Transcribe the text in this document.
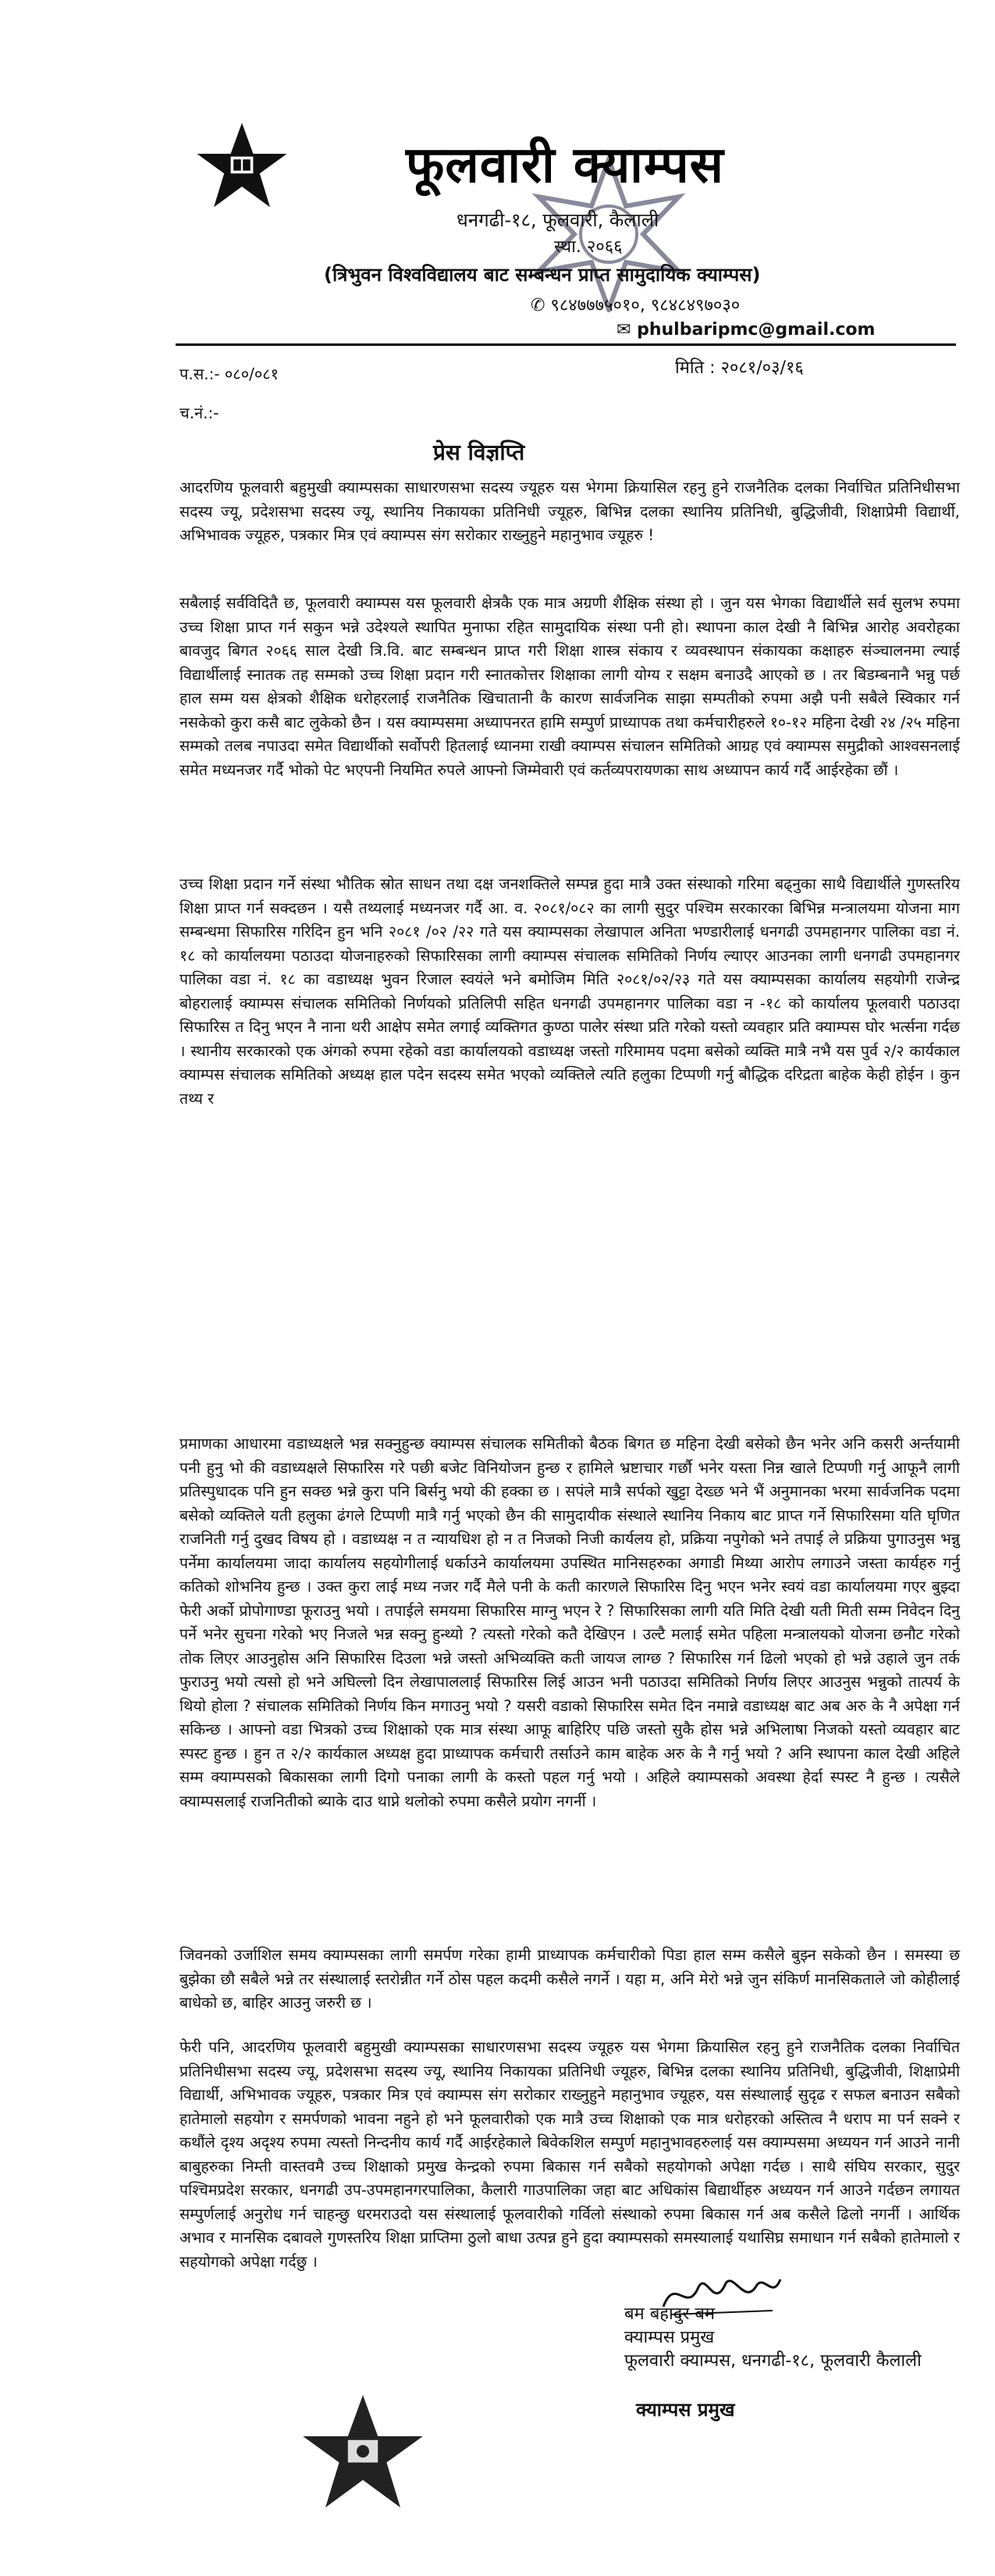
फूलवारी क्याम्पस
धनगढी-१८, फूलवारी, कैलाली
स्था. २०६६
(त्रिभुवन विश्वविद्यालय बाट सम्बन्धन प्राप्त सामुदायिक क्याम्पस)
✆ ९८४७७७५०१०, ९८४८४९७०३०
✉ phulbaripmc@gmail.com
प.स.:- ०८०/०८१	मिति : २०८१/०३/१६
च.नं.:-
प्रेस विज्ञप्ति
आदरणिय फूलवारी बहुमुखी क्याम्पसका साधारणसभा सदस्य ज्यूहरु यस भेगमा क्रियासिल रहनु हुने राजनैतिक दलका निर्वाचित प्रतिनिधीसभा सदस्य ज्यू, प्रदेशसभा सदस्य ज्यू, स्थानिय निकायका प्रतिनिधी ज्यूहरु, बिभिन्न दलका स्थानिय प्रतिनिधी, बुद्धिजीवी, शिक्षाप्रेमी विद्यार्थी, अभिभावक ज्यूहरु, पत्रकार मित्र एवं क्याम्पस संग सरोकार राख्नुहुने महानुभाव ज्यूहरु !
सबैलाई सर्वविदितै छ, फूलवारी क्याम्पस यस फूलवारी क्षेत्रकै एक मात्र अग्रणी शैक्षिक संस्था हो । जुन यस भेगका विद्यार्थीले सर्व सुलभ रुपमा उच्च शिक्षा प्राप्त गर्न सकुन भन्ने उदेश्यले स्थापित मुनाफा रहित सामुदायिक संस्था पनी हो। स्थापना काल देखी नै बिभिन्न आरोह अवरोहका बावजुद बिगत २०६६ साल देखी त्रि.वि. बाट सम्बन्धन प्राप्त गरी शिक्षा शास्त्र संकाय र व्यवस्थापन संकायका कक्षाहरु संञ्चालनमा ल्याई विद्यार्थीलाई स्नातक तह सम्मको उच्च शिक्षा प्रदान गरी स्नातकोत्तर शिक्षाका लागी योग्य र सक्षम बनाउदै आएको छ । तर बिडम्बनानै भन्नु पर्छ हाल सम्म यस क्षेत्रको शैक्षिक धरोहरलाई राजनैतिक खिचातानी कै कारण सार्वजनिक साझा सम्पतीको रुपमा अझै पनी सबैले स्विकार गर्न नसकेको कुरा कसै बाट लुकेको छैन । यस क्याम्पसमा अध्यापनरत हामि सम्पुर्ण प्राध्यापक तथा कर्मचारीहरुले १०-१२ महिना देखी २४ /२५ महिना सम्मको तलब नपाउदा समेत विद्यार्थीको सर्वोपरी हितलाई ध्यानमा राखी क्याम्पस संचालन समितिको आग्रह एवं क्याम्पस समुद्रीको आश्वसनलाई समेत मध्यनजर गर्दै भोको पेट भएपनी नियमित रुपले आफ्नो जिम्मेवारी एवं कर्तव्यपरायणका साथ अध्यापन कार्य गर्दै आईरहेका छौं ।
उच्च शिक्षा प्रदान गर्ने संस्था भौतिक स्रोत साधन तथा दक्ष जनशक्तिले सम्पन्न हुदा मात्रै उक्त संस्थाको गरिमा बढ्नुका साथै विद्यार्थीले गुणस्तरिय शिक्षा प्राप्त गर्न सक्दछन । यसै तथ्यलाई मध्यनजर गर्दै आ. व. २०८१/०८२ का लागी सुदुर पश्चिम सरकारका बिभिन्न मन्त्रालयमा योजना माग सम्बन्धमा सिफारिस गरिदिन हुन भनि २०८१ /०२ /२२ गते यस क्याम्पसका लेखापाल अनिता भण्डारीलाई धनगढी उपमहानगर पालिका वडा नं. १८ को कार्यालयमा पठाउदा योजनाहरुको सिफारिसका लागी क्याम्पस संचालक समितिको निर्णय ल्याएर आउनका लागी धनगढी उपमहानगर पालिका वडा नं. १८ का वडाध्यक्ष भुवन रिजाल स्वयंले भने बमोजिम मिति २०८१/०२/२३ गते यस क्याम्पसका कार्यालय सहयोगी राजेन्द्र बोहरालाई क्याम्पस संचालक समितिको निर्णयको प्रतिलिपी सहित धनगढी उपमहानगर पालिका वडा न -१८ को कार्यालय फूलवारी पठाउदा सिफारिस त दिनु भएन नै नाना थरी आक्षेप समेत लगाई व्यक्तिगत कुण्ठा पालेर संस्था प्रति गरेको यस्तो व्यवहार प्रति क्याम्पस घोर भर्त्सना गर्दछ । स्थानीय सरकारको एक अंगको रुपमा रहेको वडा कार्यालयको वडाध्यक्ष जस्तो गरिमामय पदमा बसेको व्यक्ति मात्रै नभै यस पुर्व २/२ कार्यकाल क्याम्पस संचालक समितिको अध्यक्ष हाल पदेन सदस्य समेत भएको व्यक्तिले त्यति हलुका टिप्पणी गर्नु बौद्धिक दरिद्रता बाहेक केही होईन । कुन तथ्य र
प्रमाणका आधारमा वडाध्यक्षले भन्न सक्नुहुन्छ क्याम्पस संचालक समितीको बैठक बिगत छ महिना देखी बसेको छैन भनेर अनि कसरी अर्न्तयामी पनी हुनु भो की वडाध्यक्षले सिफारिस गरे पछी बजेट विनियोजन हुन्छ र हामिले भ्रष्टाचार गर्छौ भनेर यस्ता निन्न खाले टिप्पणी गर्नु आफूनै लागी प्रतिस्पुधादक पनि हुन सक्छ भन्ने कुरा पनि बिर्सनु भयो की हक्का छ । सपंले मात्रै सर्पको खुट्टा देख्छ भने भैं अनुमानका भरमा सार्वजनिक पदमा बसेको व्यक्तिले यती हलुका ढंगले टिप्पणी मात्रै गर्नु भएको छैन की सामुदायीक संस्थाले स्थानिय निकाय बाट प्राप्त गर्ने सिफारिसमा यति घृणित राजनिती गर्नु दुखद विषय हो । वडाध्यक्ष न त न्यायधिश हो न त निजको निजी कार्यलय हो, प्रक्रिया नपुगेको भने तपाई ले प्रक्रिया पुगाउनुस भन्नु पर्नेमा कार्यालयमा जादा कार्यालय सहयोगीलाई धर्काउने कार्यालयमा उपस्थित मानिसहरुका अगाडी मिथ्या आरोप लगाउने जस्ता कार्यहरु गर्नु कतिको शोभनिय हुन्छ । उक्त कुरा लाई मध्य नजर गर्दै मैले पनी के कती कारणले सिफारिस दिनु भएन भनेर स्वयं वडा कार्यालयमा गएर बुझ्दा फेरी अर्को प्रोपोगाण्डा फूराउनु भयो । तपाईले समयमा सिफारिस माग्नु भएन रे ? सिफारिसका लागी यति मिति देखी यती मिती सम्म निवेदन दिनु पर्ने भनेर सुचना गरेको भए निजले भन्न सक्नु हुन्थ्यो ? त्यस्तो गरेको कतै देखिएन । उल्टै मलाई समेत पहिला मन्त्रालयको योजना छनौट गरेको तोक लिएर आउनुहोस अनि सिफारिस दिउला भन्ने जस्तो अभिव्यक्ति कती जायज लाग्छ ? सिफारिस गर्न ढिलो भएको हो भन्ने उहाले जुन तर्क फुराउनु भयो त्यसो हो भने अघिल्लो दिन लेखापाललाई सिफारिस लिई आउन भनी पठाउदा समितिको निर्णय लिएर आउनुस भन्नुको तात्पर्य के थियो होला ? संचालक समितिको निर्णय किन मगाउनु भयो ? यसरी वडाको सिफारिस समेत दिन नमान्ने वडाध्यक्ष बाट अब अरु के नै अपेक्षा गर्न सकिन्छ । आफ्नो वडा भित्रको उच्च शिक्षाको एक मात्र संस्था आफू बाहिरिए पछि जस्तो सुकै होस भन्ने अभिलाषा निजको यस्तो व्यवहार बाट स्पस्ट हुन्छ । हुन त २/२ कार्यकाल अध्यक्ष हुदा प्राध्यापक कर्मचारी तर्साउने काम बाहेक अरु के नै गर्नु भयो ? अनि स्थापना काल देखी अहिले सम्म क्याम्पसको बिकासका लागी दिगो पनाका लागी के कस्तो पहल गर्नु भयो । अहिले क्याम्पसको अवस्था हेर्दा स्पस्ट नै हुन्छ । त्यसैले क्याम्पसलाई राजनितीको ब्याके दाउ थाप्ने थलोको रुपमा कसैले प्रयोग नगर्नी ।
जिवनको उर्जाशिल समय क्याम्पसका लागी समर्पण गरेका हामी प्राध्यापक कर्मचारीको पिडा हाल सम्म कसैले बुझ्न सकेको छैन । समस्या छ बुझेका छौ सबैले भन्ने तर संस्थालाई स्तरोन्नीत गर्ने ठोस पहल कदमी कसैले नगर्ने । यहा म, अनि मेरो भन्ने जुन संकिर्ण मानसिकताले जो कोहीलाई बाधेको छ, बाहिर आउनु जरुरी छ ।
फेरी पनि, आदरणिय फूलवारी बहुमुखी क्याम्पसका साधारणसभा सदस्य ज्यूहरु यस भेगमा क्रियासिल रहनु हुने राजनैतिक दलका निर्वाचित प्रतिनिधीसभा सदस्य ज्यू, प्रदेशसभा सदस्य ज्यू, स्थानिय निकायका प्रतिनिधी ज्यूहरु, बिभिन्न दलका स्थानिय प्रतिनिधी, बुद्धिजीवी, शिक्षाप्रेमी विद्यार्थी, अभिभावक ज्यूहरु, पत्रकार मित्र एवं क्याम्पस संग सरोकार राख्नुहुने महानुभाव ज्यूहरु, यस संस्थालाई सुदृढ र सफल बनाउन सबैको हातेमालो सहयोग र समर्पणको भावना नहुने हो भने फूलवारीको एक मात्रै उच्च शिक्षाको एक मात्र धरोहरको अस्तित्व नै धराप मा पर्न सक्ने र कथौंले दृश्य अदृश्य रुपमा त्यस्तो निन्दनीय कार्य गर्दै आईरहेकाले बिवेकशिल सम्पुर्ण महानुभावहरुलाई यस क्याम्पसमा अध्ययन गर्न आउने नानी बाबुहरुका निम्ती वास्तवमै उच्च शिक्षाको प्रमुख केन्द्रको रुपमा बिकास गर्न सबैको सहयोगको अपेक्षा गर्दछ । साथै संघिय सरकार, सुदुर पश्चिमप्रदेश सरकार, धनगढी उप-उपमहानगरपालिका, कैलारी गाउपालिका जहा बाट अधिकांस बिद्यार्थीहरु अध्ययन गर्न आउने गर्दछन लगायत सम्पुर्णलाई अनुरोध गर्न चाहन्छु धरमराउदो यस संस्थालाई फूलवारीको गर्विलो संस्थाको रुपमा बिकास गर्न अब कसैले ढिलो नगर्नी । आर्थिक अभाव र मानसिक दबावले गुणस्तरिय शिक्षा प्राप्तिमा ठुलो बाधा उत्पन्न हुने हुदा क्याम्पसको समस्यालाई यथासिघ्र समाधान गर्न सबैको हातेमालो र सहयोगको अपेक्षा गर्दछु ।
बम बहादुर बम
क्याम्पस प्रमुख
फूलवारी क्याम्पस, धनगढी-१८, फूलवारी कैलाली
क्याम्पस प्रमुख
